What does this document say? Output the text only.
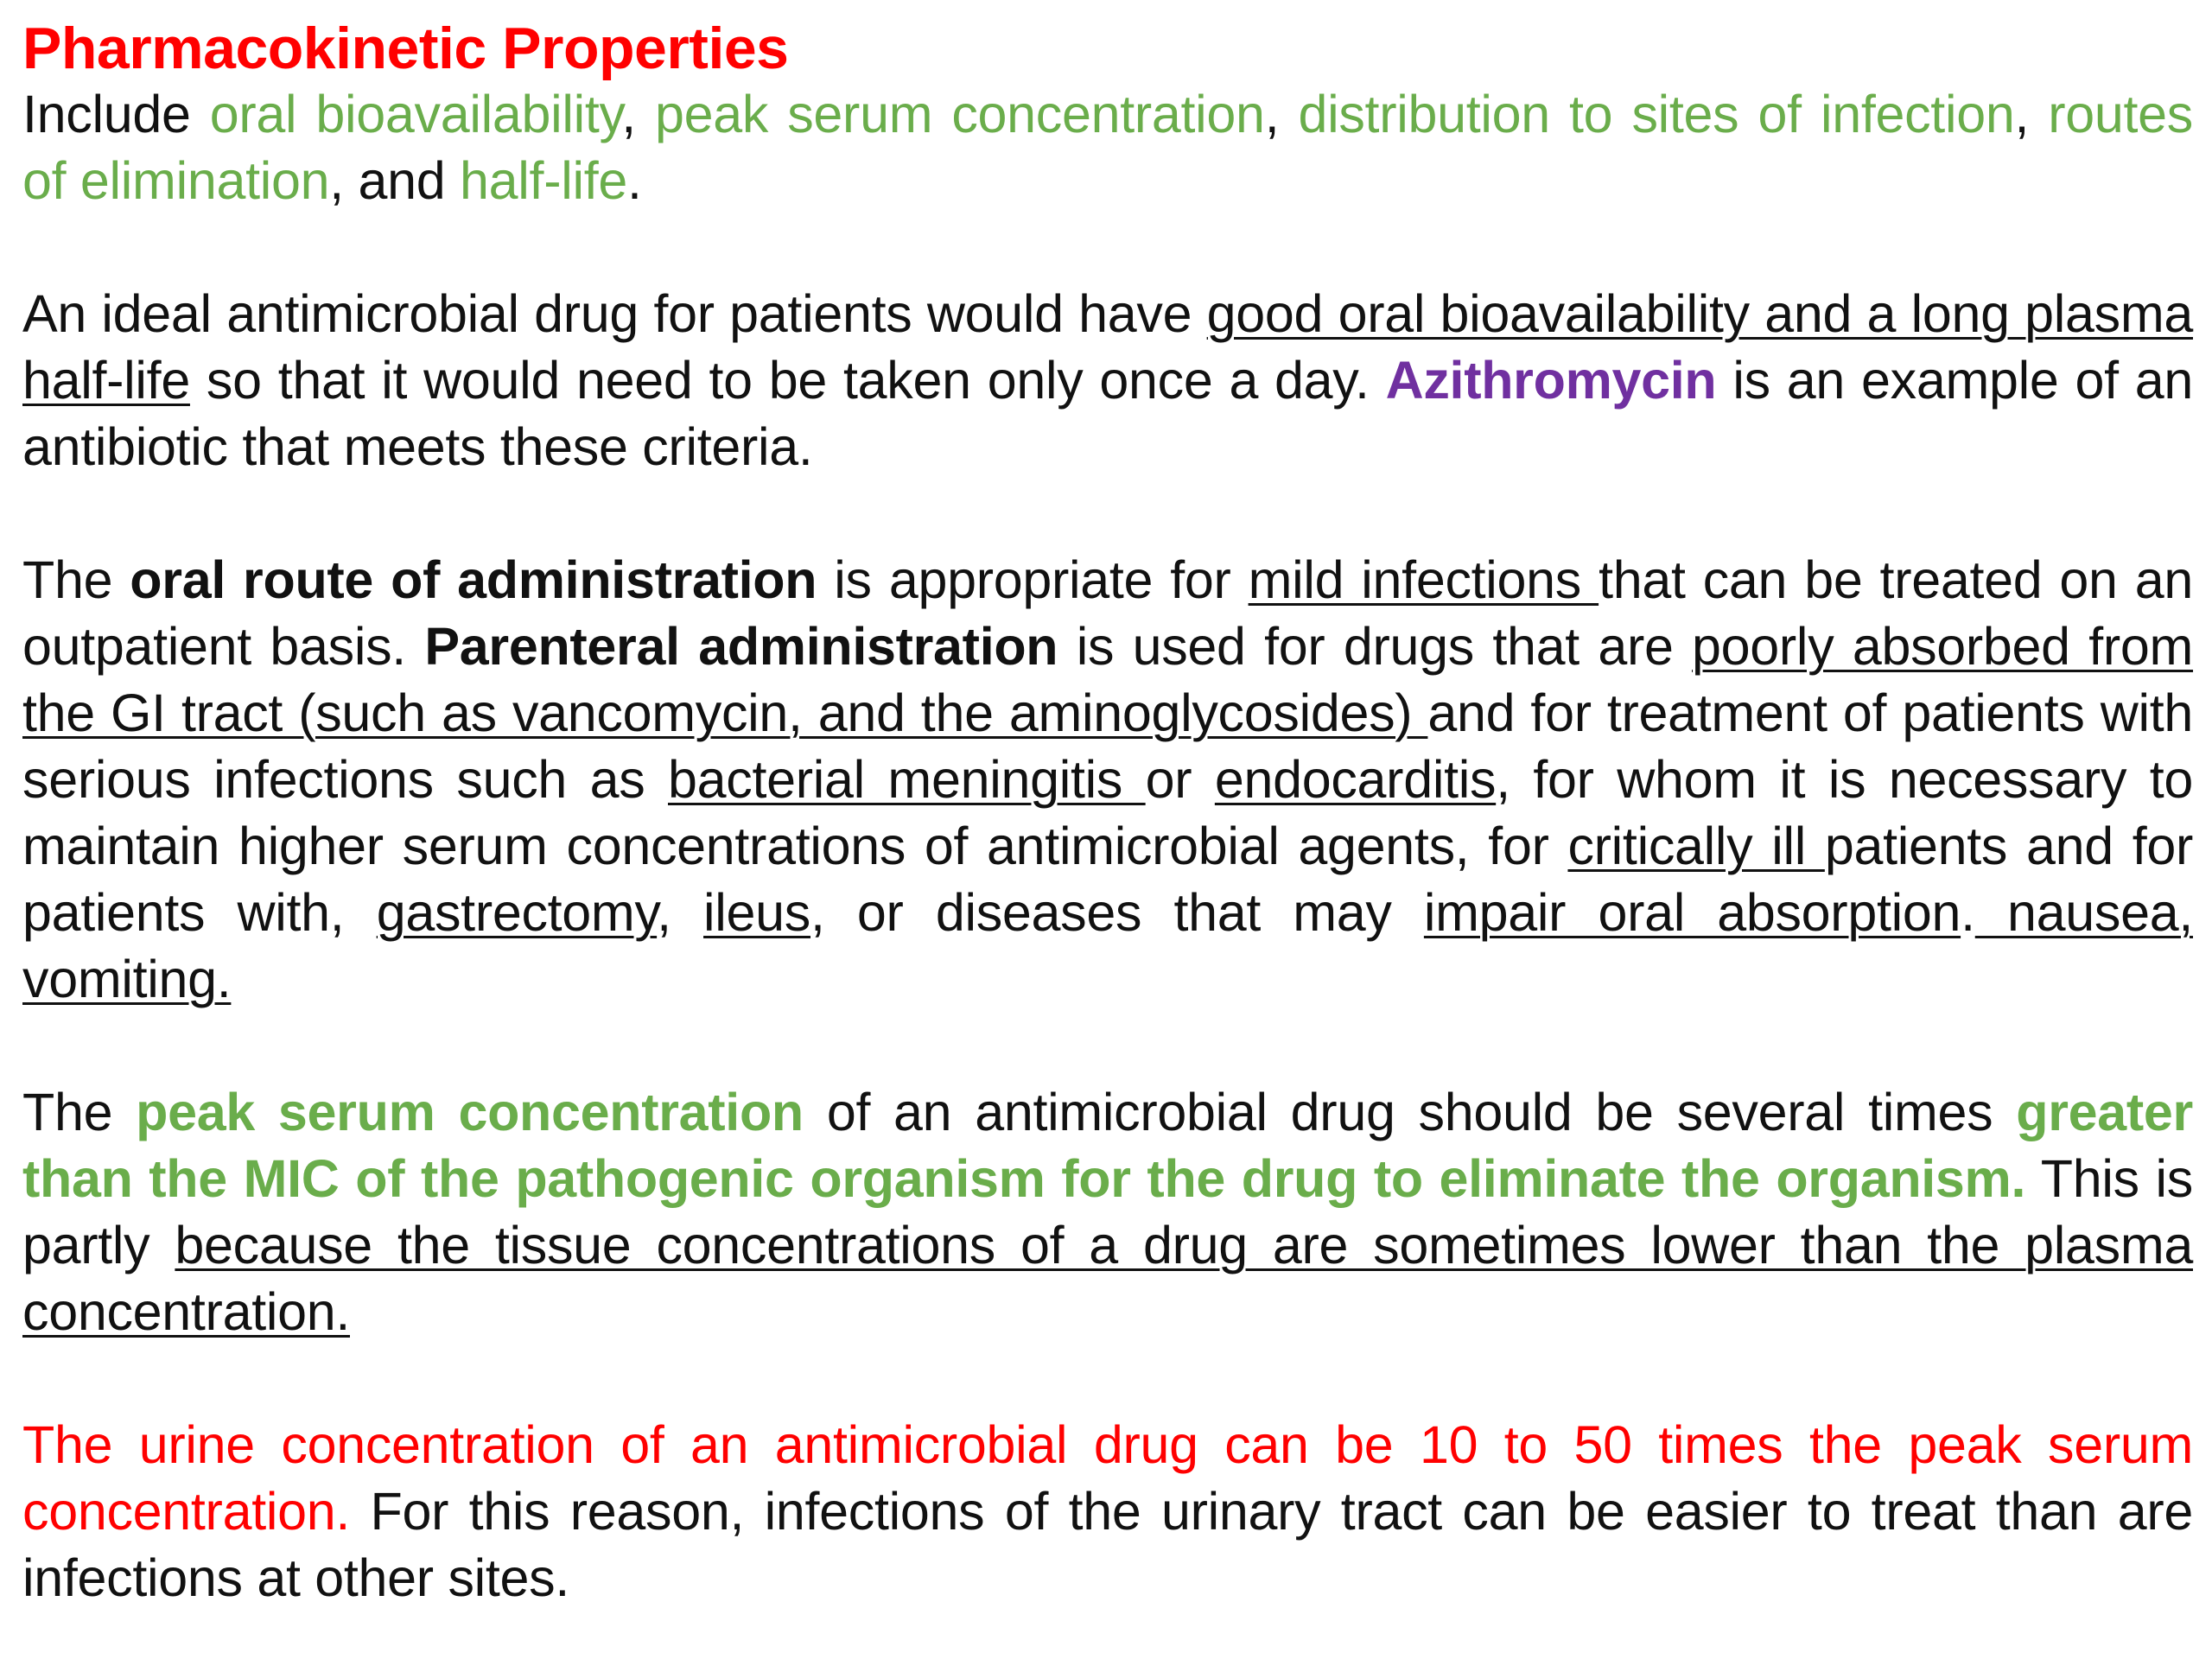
Pharmacokinetic Properties

Include oral bioavailability, peak serum concentration, distribution to sites of infection, routes of elimination, and half-life.

An ideal antimicrobial drug for patients would have good oral bioavailability and a long plasma half-life so that it would need to be taken only once a day. Azithromycin is an example of an antibiotic that meets these criteria.

The oral route of administration is appropriate for mild infections that can be treated on an outpatient basis. Parenteral administration is used for drugs that are poorly absorbed from the GI tract (such as vancomycin, and the aminoglycosides) and for treatment of patients with serious infections such as bacterial meningitis or endocarditis, for whom it is necessary to maintain higher serum concentrations of antimicrobial agents, for critically ill patients and for patients with, gastrectomy, ileus, or diseases that may impair oral absorption. nausea, vomiting.

The peak serum concentration of an antimicrobial drug should be several times greater than the MIC of the pathogenic organism for the drug to eliminate the organism. This is partly because the tissue concentrations of a drug are sometimes lower than the plasma concentration.

The urine concentration of an antimicrobial drug can be 10 to 50 times the peak serum concentration. For this reason, infections of the urinary tract can be easier to treat than are infections at other sites.
